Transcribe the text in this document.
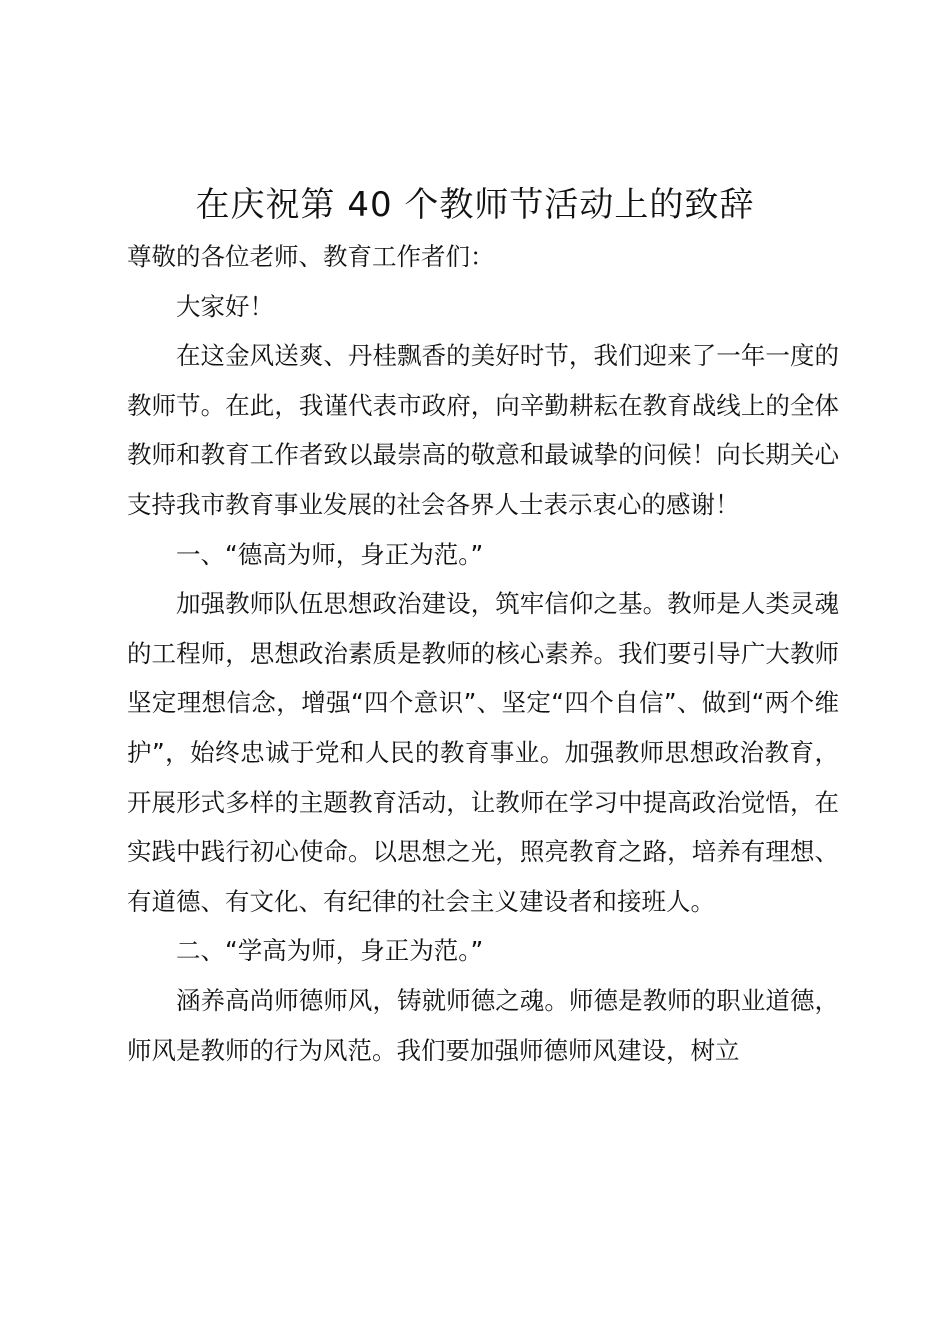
在庆祝第 40 个教师节活动上的致辞

尊敬的各位老师、教育工作者们：

大家好！

在这金风送爽、丹桂飘香的美好时节，我们迎来了一年一度的教师节。在此，我谨代表市政府，向辛勤耕耘在教育战线上的全体教师和教育工作者致以最崇高的敬意和最诚挚的问候！向长期关心支持我市教育事业发展的社会各界人士表示衷心的感谢！

一、“德高为师，身正为范。”

加强教师队伍思想政治建设，筑牢信仰之基。教师是人类灵魂的工程师，思想政治素质是教师的核心素养。我们要引导广大教师坚定理想信念，增强“四个意识”、坚定“四个自信”、做到“两个维护”，始终忠诚于党和人民的教育事业。加强教师思想政治教育，开展形式多样的主题教育活动，让教师在学习中提高政治觉悟，在实践中践行初心使命。以思想之光，照亮教育之路，培养有理想、有道德、有文化、有纪律的社会主义建设者和接班人。

二、“学高为师，身正为范。”

涵养高尚师德师风，铸就师德之魂。师德是教师的职业道德，师风是教师的行为风范。我们要加强师德师风建设，树立
